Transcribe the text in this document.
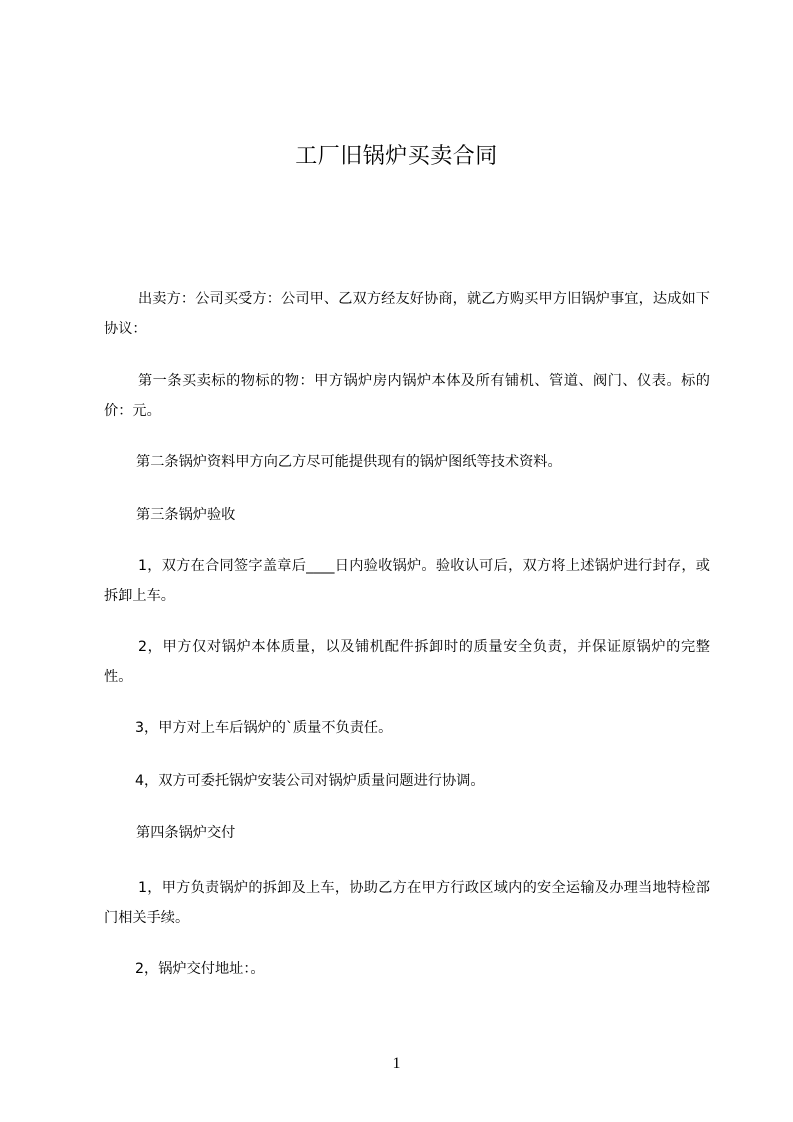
工厂旧锅炉买卖合同

出卖方：公司买受方：公司甲、乙双方经友好协商，就乙方购买甲方旧锅炉事宜，达成如下协议：

第一条买卖标的物标的物：甲方锅炉房内锅炉本体及所有铺机、管道、阀门、仪表。标的价：元。

第二条锅炉资料甲方向乙方尽可能提供现有的锅炉图纸等技术资料。

第三条锅炉验收

1，双方在合同签字盖章后____日内验收锅炉。验收认可后，双方将上述锅炉进行封存，或拆卸上车。

2，甲方仅对锅炉本体质量，以及铺机配件拆卸时的质量安全负责，并保证原锅炉的完整性。

3，甲方对上车后锅炉的`质量不负责任。

4，双方可委托锅炉安装公司对锅炉质量问题进行协调。

第四条锅炉交付

1，甲方负责锅炉的拆卸及上车，协助乙方在甲方行政区域内的安全运输及办理当地特检部门相关手续。

2，锅炉交付地址：。

1
